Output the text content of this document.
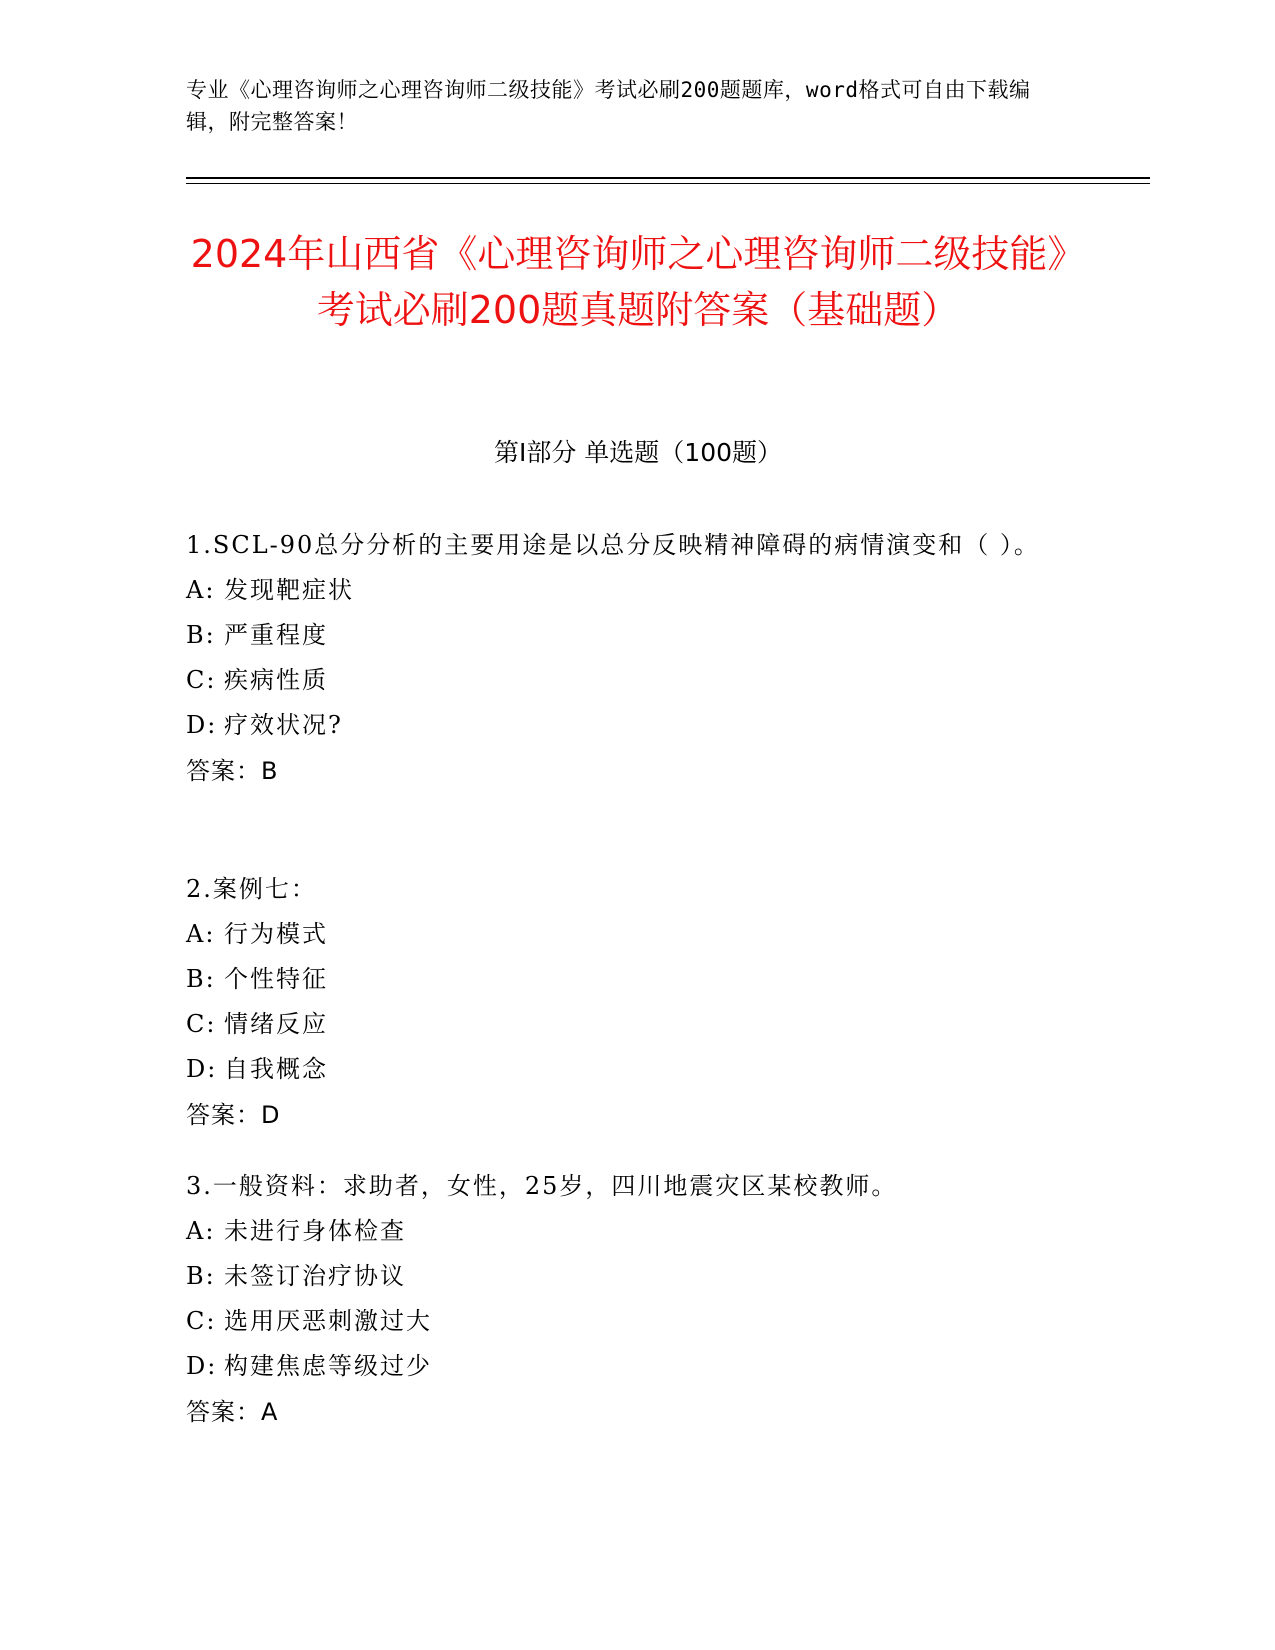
专业《心理咨询师之心理咨询师二级技能》考试必刷200题题库，word格式可自由下载编辑，附完整答案！
2024年山西省《心理咨询师之心理咨询师二级技能》考试必刷200题真题附答案（基础题）
第Ⅰ部分 单选题（100题）

1.SCL-90总分分析的主要用途是以总分反映精神障碍的病情演变和（ ）。

A: 发现靶症状

B: 严重程度

C: 疾病性质

D: 疗效状况?

答案：B

2.案例七：

A: 行为模式

B: 个性特征

C: 情绪反应

D: 自我概念

答案：D

3.一般资料：求助者，女性，25岁，四川地震灾区某校教师。

A: 未进行身体检查

B: 未签订治疗协议

C: 选用厌恶刺激过大

D: 构建焦虑等级过少

答案：A
